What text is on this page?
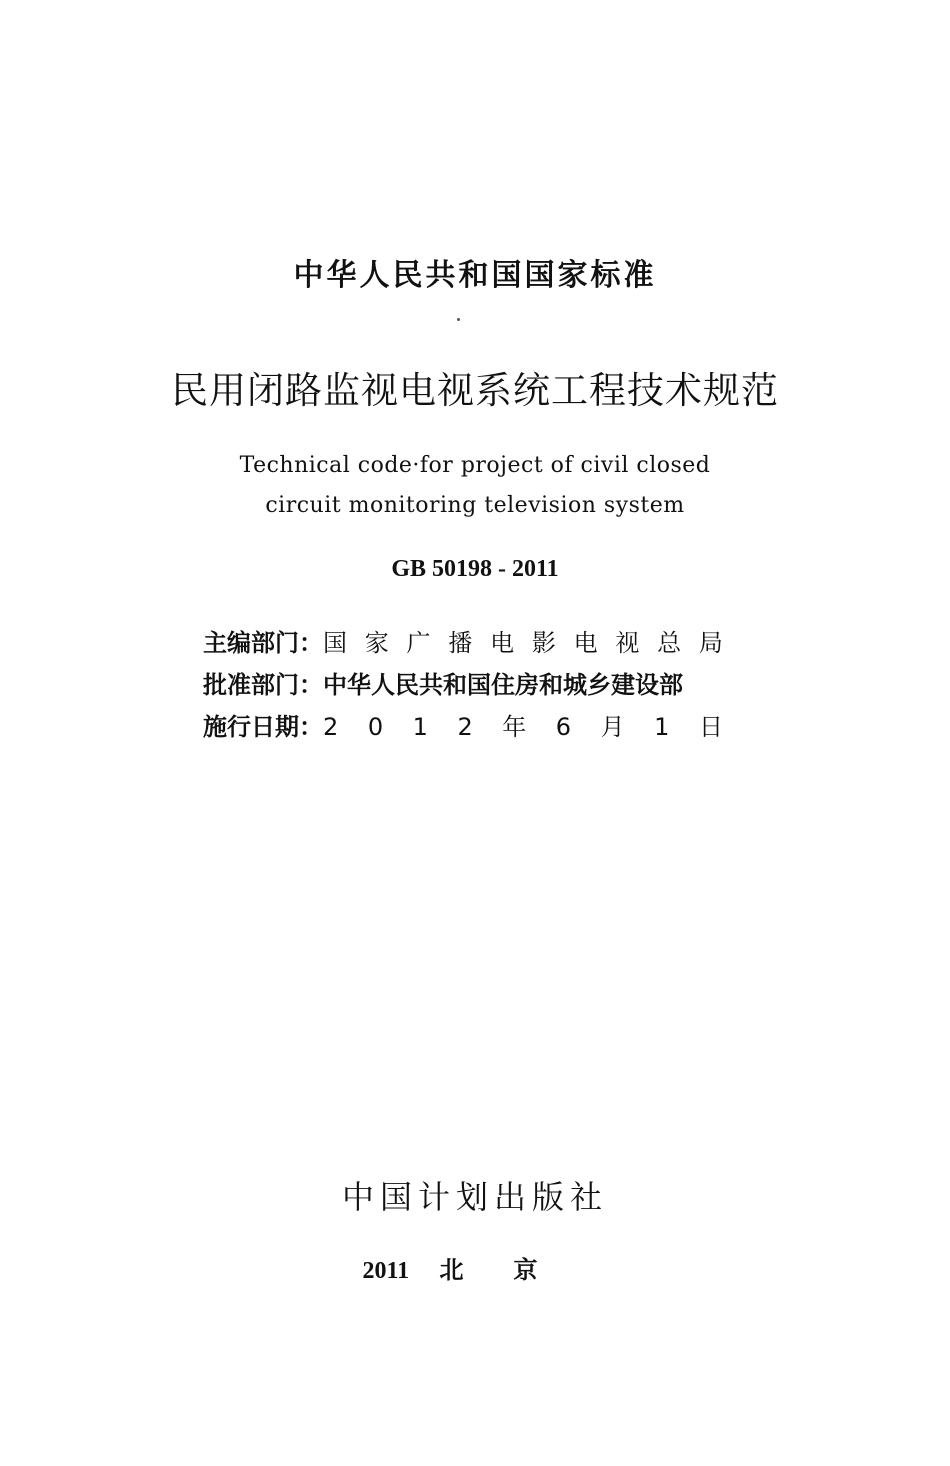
中华人民共和国国家标准
民用闭路监视电视系统工程技术规范
Technical code·for project of civil closed
circuit monitoring television system
GB 50198 - 2011
主编部门： 国 家 广 播 电 影 电 视 总 局
批准部门： 中华人民共和国住房和城乡建设部
施行日期： 2 0 1 2 年 6 月 1 日
中国计划出版社
2011 北京
